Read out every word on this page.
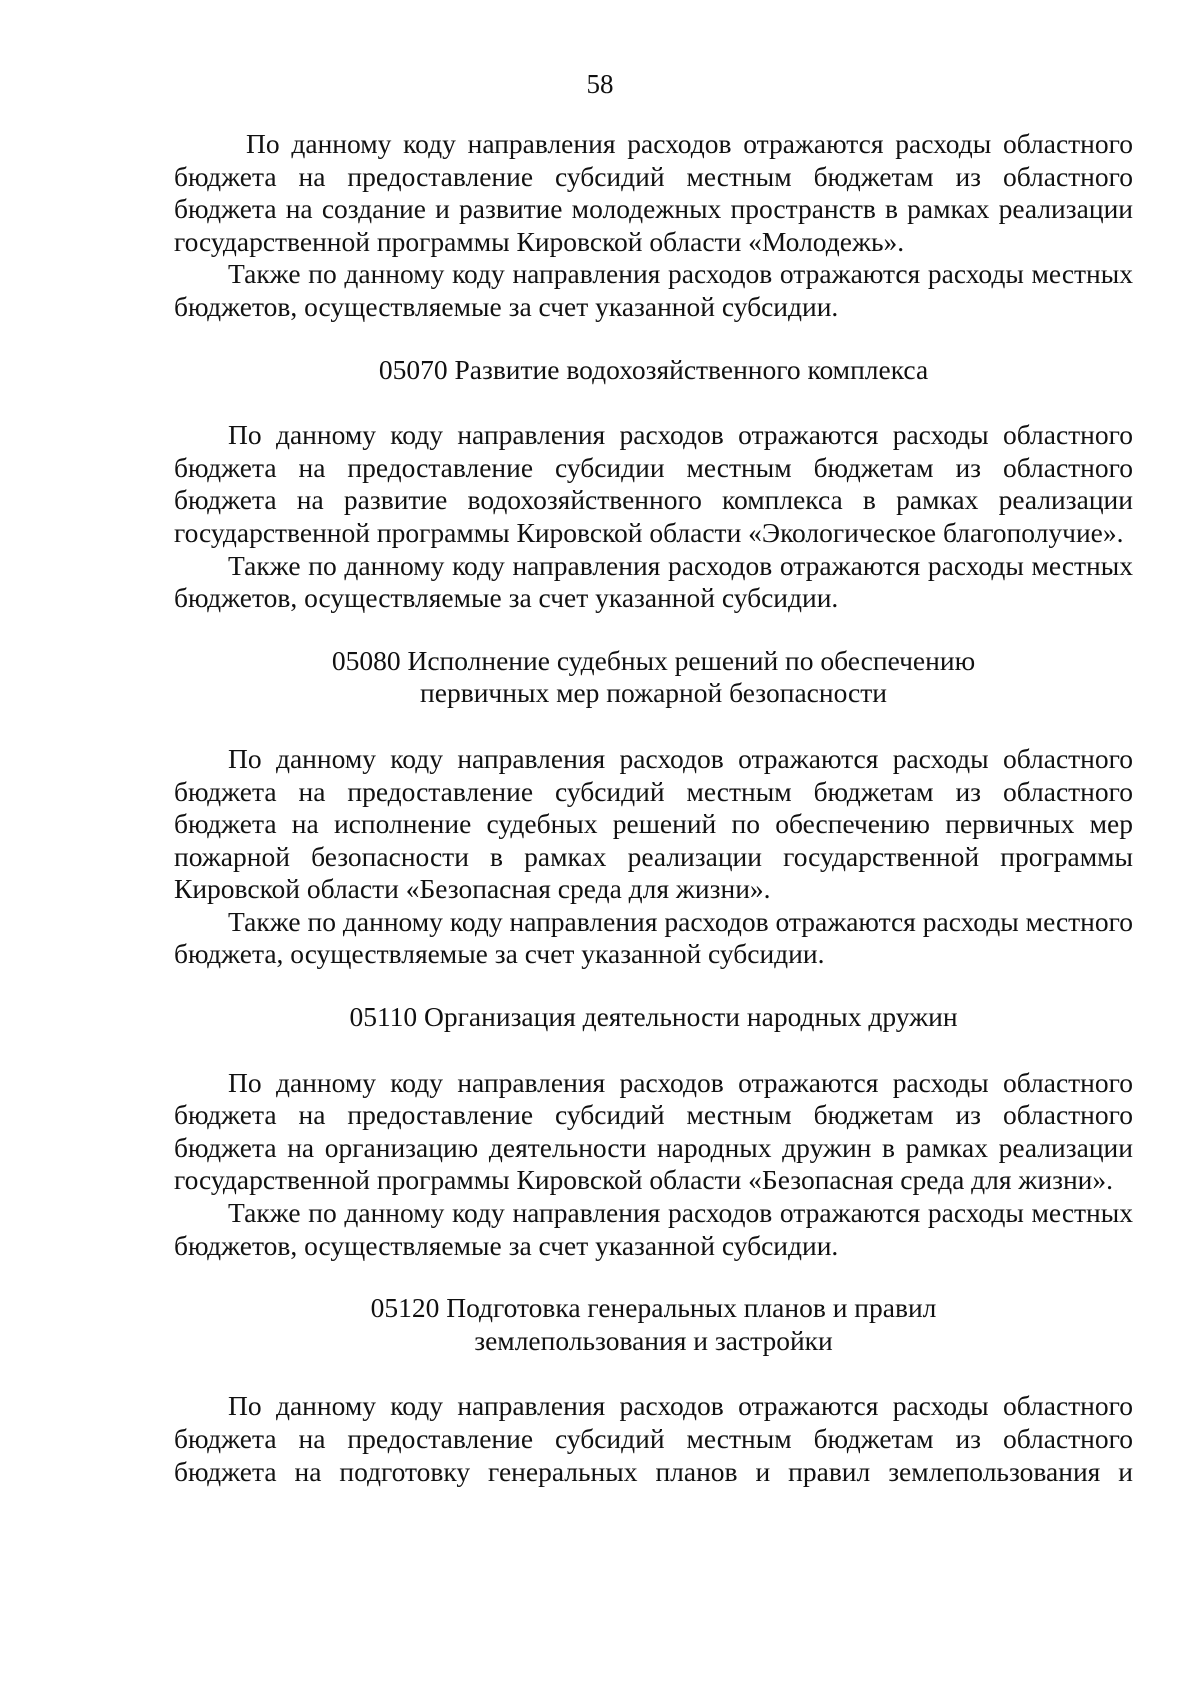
58

По данному коду направления расходов отражаются расходы областного бюджета на предоставление субсидий местным бюджетам из областного бюджета на создание и развитие молодежных пространств в рамках реализации государственной программы Кировской области «Молодежь».

Также по данному коду направления расходов отражаются расходы местных бюджетов, осуществляемые за счет указанной субсидии.

05070 Развитие водохозяйственного комплекса

По данному коду направления расходов отражаются расходы областного бюджета на предоставление субсидии местным бюджетам из областного бюджета на развитие водохозяйственного комплекса в рамках реализации государственной программы Кировской области «Экологическое благополучие».

Также по данному коду направления расходов отражаются расходы местных бюджетов, осуществляемые за счет указанной субсидии.

05080 Исполнение судебных решений по обеспечению
первичных мер пожарной безопасности

По данному коду направления расходов отражаются расходы областного бюджета на предоставление субсидий местным бюджетам из областного бюджета на исполнение судебных решений по обеспечению первичных мер пожарной безопасности в рамках реализации государственной программы Кировской области «Безопасная среда для жизни».

Также по данному коду направления расходов отражаются расходы местного бюджета, осуществляемые за счет указанной субсидии.

05110 Организация деятельности народных дружин

По данному коду направления расходов отражаются расходы областного бюджета на предоставление субсидий местным бюджетам из областного бюджета на организацию деятельности народных дружин в рамках реализации государственной программы Кировской области «Безопасная среда для жизни».

Также по данному коду направления расходов отражаются расходы местных бюджетов, осуществляемые за счет указанной субсидии.

05120 Подготовка генеральных планов и правил
землепользования и застройки

По данному коду направления расходов отражаются расходы областного бюджета на предоставление субсидий местным бюджетам из областного бюджета на подготовку генеральных планов и правил землепользования и
